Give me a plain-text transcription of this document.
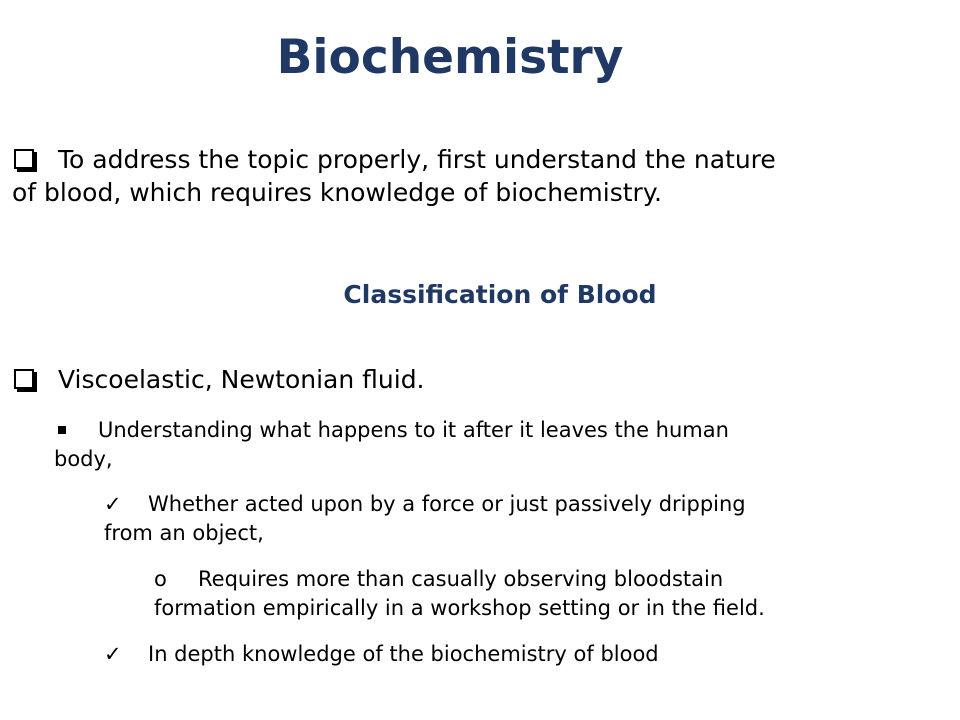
Biochemistry
To address the topic properly, first understand the nature
of blood, which requires knowledge of biochemistry.
Classification of Blood
Viscoelastic, Newtonian fluid.
Understanding what happens to it after it leaves the human
body,
✓ Whether acted upon by a force or just passively dripping
from an object,
o Requires more than casually observing bloodstain
formation empirically in a workshop setting or in the field.
✓ In depth knowledge of the biochemistry of blood
